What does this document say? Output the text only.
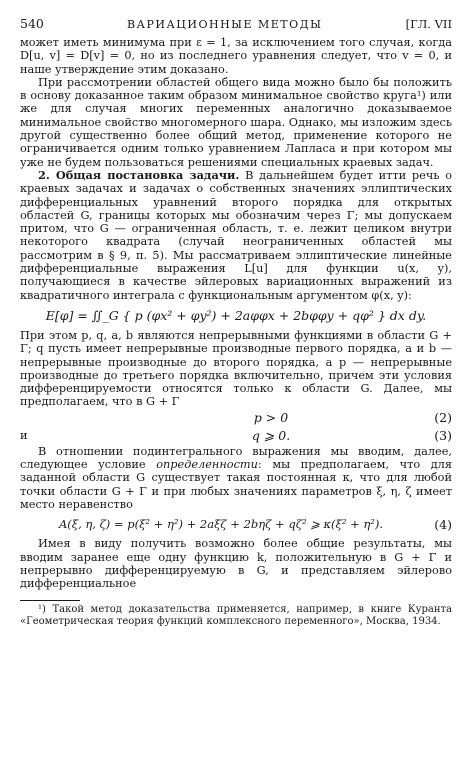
540	ВАРИАЦИОННЫЕ МЕТОДЫ	[ГЛ. VII

может иметь минимума при ε = 1, за исключением того случая, когда D[u, v] = D[v] = 0, но из последнего уравнения следует, что v = 0, и наше утверждение этим доказано.

При рассмотрении областей общего вида можно было бы положить в основу доказанное таким образом минимальное свойство круга¹) или же для случая многих переменных аналогично доказываемое минимальное свойство многомерного шара. Однако, мы изложим здесь другой существенно более общий метод, применение которого не ограничивается одним только уравнением Лапласа и при котором мы уже не будем пользоваться решениями специальных краевых задач.

2. Общая постановка задачи. В дальнейшем будет итти речь о краевых задачах и задачах о собственных значениях эллиптических дифференциальных уравнений второго порядка для открытых областей G, границы которых мы обозначим через Γ; мы допускаем притом, что G — ограниченная область, т. е. лежит целиком внутри некоторого квадрата (случай неограниченных областей мы рассмотрим в § 9, п. 5). Мы рассматриваем эллиптические линейные дифференциальные выражения L[u] для функции u(x, y), получающиеся в качестве эйлеровых вариационных выражений из квадратичного интеграла с функциональным аргументом φ(x, y):

E[φ] = ∬_G { p (φx² + φy²) + 2aφφx + 2bφφy + qφ² } dx dy.

При этом p, q, a, b являются непрерывными функциями в области G + Γ; q пусть имеет непрерывные производные первого порядка, a и b — непрерывные производные до второго порядка, а p — непрерывные производные до третьего порядка включительно, причем эти условия дифференцируемости относятся только к области G. Далее, мы предполагаем, что в G + Γ

p > 0	(2)
и	q ⩾ 0.	(3)

В отношении подинтегрального выражения мы вводим, далее, следующее условие определенности: мы предполагаем, что для заданной области G существует такая постоянная κ, что для любой точки области G + Γ и при любых значениях параметров ξ, η, ζ имеет место неравенство

A(ξ, η, ζ) = p(ξ² + η²) + 2aξζ + 2bηζ + qζ² ⩾ κ(ξ² + η²).	(4)

Имея в виду получить возможно более общие результаты, мы вводим заранее еще одну функцию k, положительную в G + Γ и непрерывно дифференцируемую в G, и представляем эйлерово дифференциальное

¹) Такой метод доказательства применяется, например, в книге Куранта «Геометрическая теория функций комплексного переменного», Москва, 1934.
